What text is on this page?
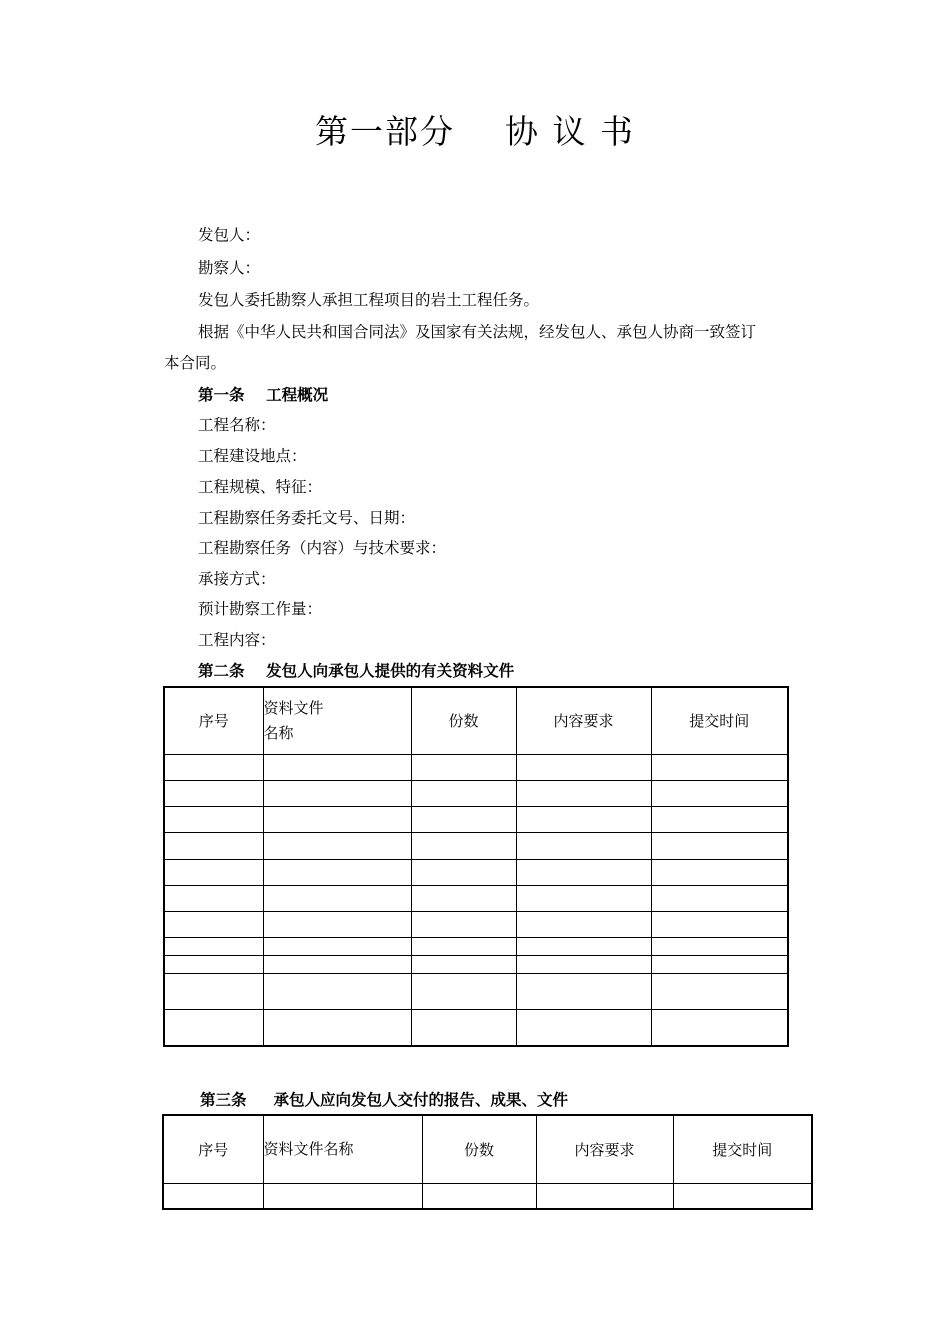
第一部分    协 议 书
发包人：
勘察人：
发包人委托勘察人承担工程项目的岩土工程任务。
根据《中华人民共和国合同法》及国家有关法规，经发包人、承包人协商一致签订
本合同。
第一条    工程概况
工程名称：
工程建设地点：
工程规模、特征：
工程勘察任务委托文号、日期：
工程勘察任务（内容）与技术要求：
承接方式：
预计勘察工作量：
工程内容：
第二条    发包人向承包人提供的有关资料文件
序号	资料文件名称	份数	内容要求	提交时间

第三条     承包人应向发包人交付的报告、成果、文件
序号	资料文件名称	份数	内容要求	提交时间
